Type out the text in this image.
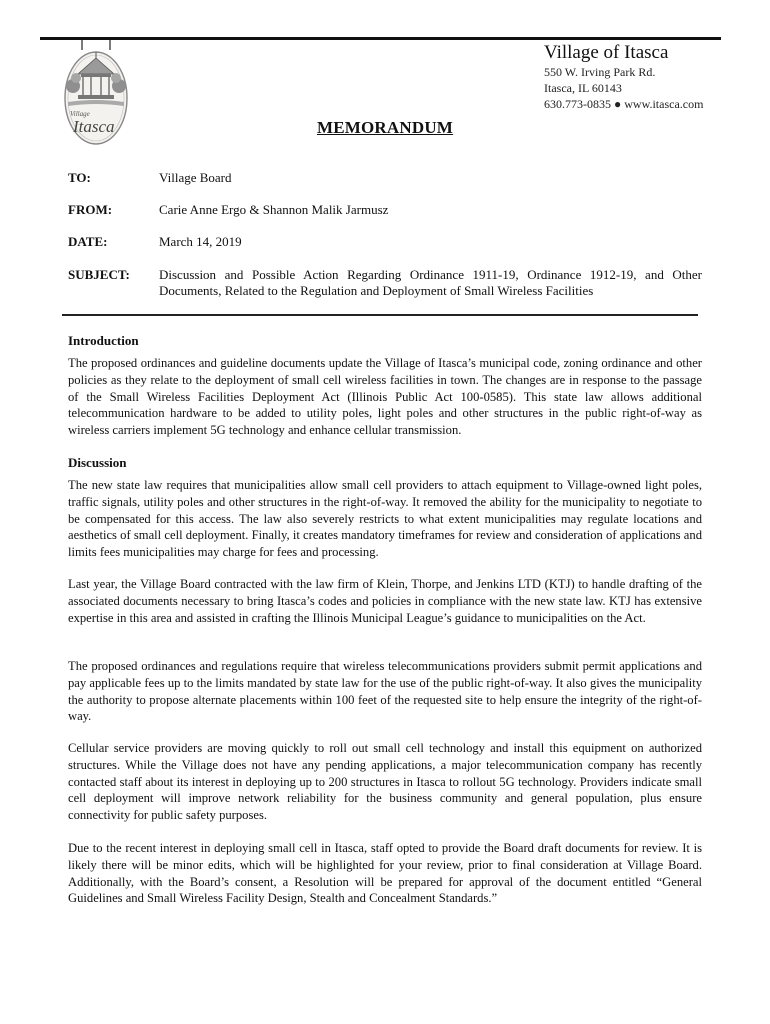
Village
Itasca
Village of Itasca
550 W. Irving Park Rd.
Itasca, IL 60143
630.773-0835 ● www.itasca.com
MEMORANDUM
TO:	Village Board
FROM:	Carie Anne Ergo & Shannon Malik Jarmusz
DATE:	March 14, 2019
SUBJECT: Discussion and Possible Action Regarding Ordinance 1911-19, Ordinance 1912-19, and Other Documents, Related to the Regulation and Deployment of Small Wireless Facilities
Introduction
The proposed ordinances and guideline documents update the Village of Itasca’s municipal code, zoning ordinance and other policies as they relate to the deployment of small cell wireless facilities in town. The changes are in response to the passage of the Small Wireless Facilities Deployment Act (Illinois Public Act 100-0585). This state law allows additional telecommunication hardware to be added to utility poles, light poles and other structures in the public right-of-way as wireless carriers implement 5G technology and enhance cellular transmission.
Discussion
The new state law requires that municipalities allow small cell providers to attach equipment to Village-owned light poles, traffic signals, utility poles and other structures in the right-of-way. It removed the ability for the municipality to negotiate to be compensated for this access. The law also severely restricts to what extent municipalities may regulate locations and aesthetics of small cell deployment. Finally, it creates mandatory timeframes for review and consideration of applications and limits fees municipalities may charge for fees and processing.
Last year, the Village Board contracted with the law firm of Klein, Thorpe, and Jenkins LTD (KTJ) to handle drafting of the associated documents necessary to bring Itasca’s codes and policies in compliance with the new state law. KTJ has extensive expertise in this area and assisted in crafting the Illinois Municipal League’s guidance to municipalities on the Act.
The proposed ordinances and regulations require that wireless telecommunications providers submit permit applications and pay applicable fees up to the limits mandated by state law for the use of the public right-of-way. It also gives the municipality the authority to propose alternate placements within 100 feet of the requested site to help ensure the integrity of the right-of-way.
Cellular service providers are moving quickly to roll out small cell technology and install this equipment on authorized structures. While the Village does not have any pending applications, a major telecommunication company has recently contacted staff about its interest in deploying up to 200 structures in Itasca to rollout 5G technology. Providers indicate small cell deployment will improve network reliability for the business community and general population, plus ensure connectivity for public safety purposes.
Due to the recent interest in deploying small cell in Itasca, staff opted to provide the Board draft documents for review. It is likely there will be minor edits, which will be highlighted for your review, prior to final consideration at Village Board. Additionally, with the Board’s consent, a Resolution will be prepared for approval of the document entitled “General Guidelines and Small Wireless Facility Design, Stealth and Concealment Standards.”
